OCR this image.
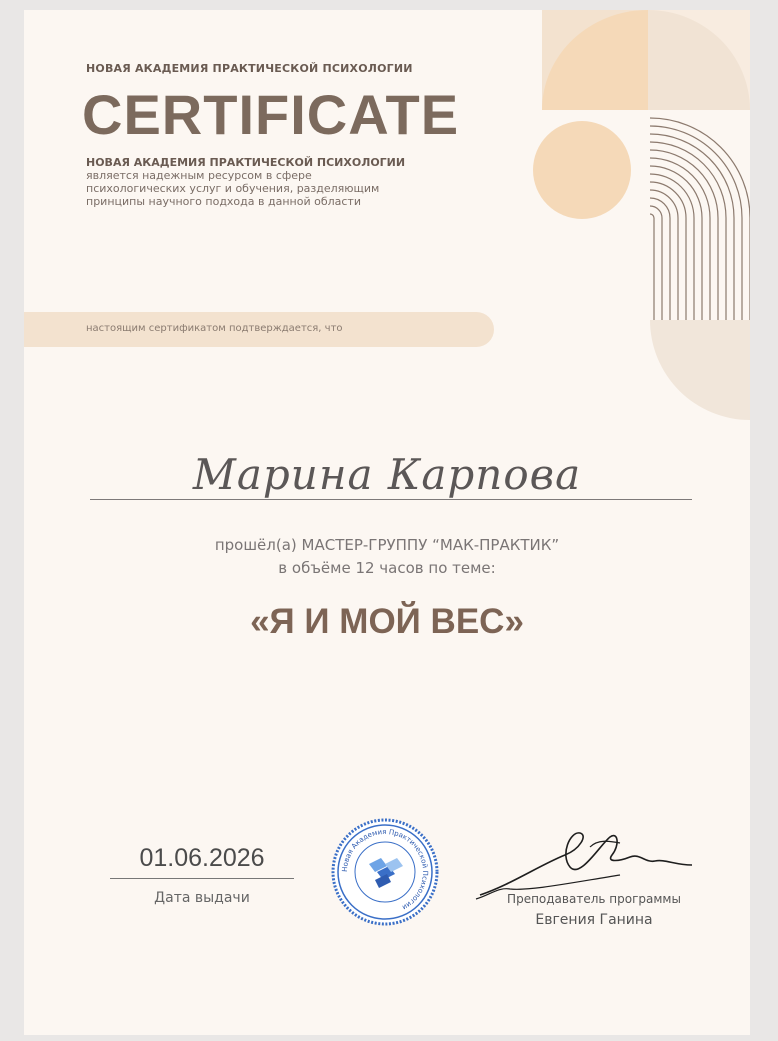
НОВАЯ АКАДЕМИЯ ПРАКТИЧЕСКОЙ ПСИХОЛОГИИ
CERTIFICATE
НОВАЯ АКАДЕМИЯ ПРАКТИЧЕСКОЙ ПСИХОЛОГИИ
является надежным ресурсом в сфере
психологических услуг и обучения, разделяющим
принципы научного подхода в данной области
настоящим сертификатом подтверждается, что
Марина Карпова
прошёл(а) МАСТЕР-ГРУППУ “МАК-ПРАКТИК”
в объёме 12 часов по теме:
«Я И МОЙ ВЕС»
01.06.2026
Дата выдачи
Новая Академия Практической Психологии
Преподаватель программы
Евгения Ганина
